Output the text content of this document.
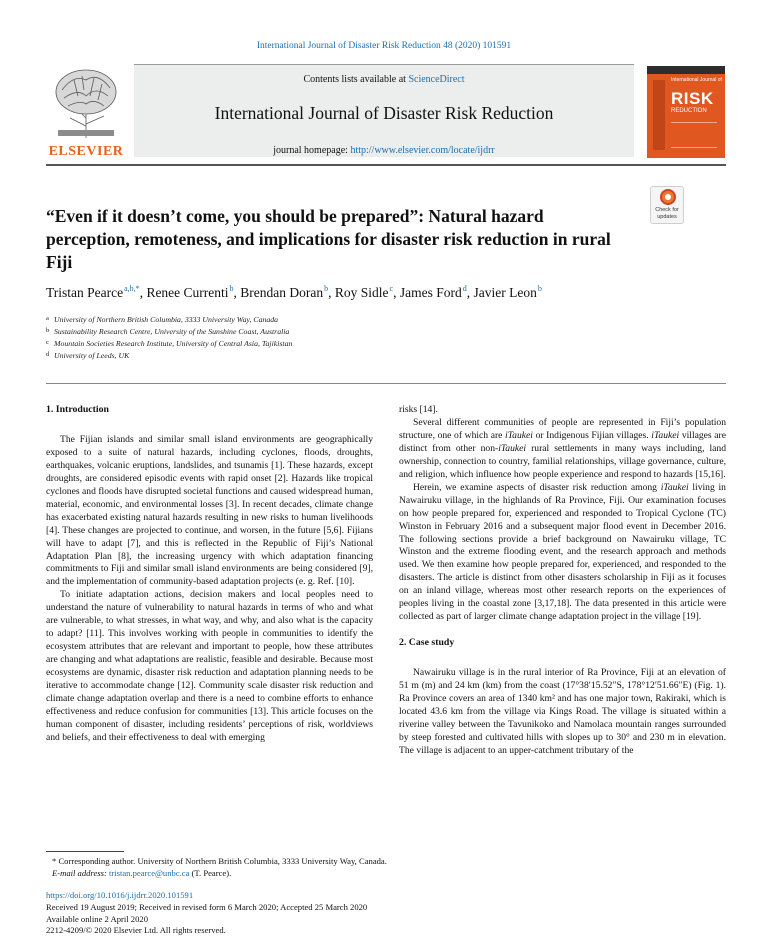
International Journal of Disaster Risk Reduction 48 (2020) 101591
ELSEVIER
Contents lists available at ScienceDirect
International Journal of Disaster Risk Reduction
journal homepage: http://www.elsevier.com/locate/ijdrr
International Journal of
RISK
REDUCTION
“Even if it doesn’t come, you should be prepared”: Natural hazard perception, remoteness, and implications for disaster risk reduction in rural Fiji
Check for
updates
Tristan Pearce$^{a,b,*}$, Renee Currenti$^b$, Brendan Doran$^b$, Roy Sidle$^c$, James Ford$^d$, Javier Leon$^b$
a University of Northern British Columbia, 3333 University Way, Canada
b Sustainability Research Centre, University of the Sunshine Coast, Australia
c Mountain Societies Research Institute, University of Central Asia, Tajikistan
d University of Leeds, UK
1. Introduction

The Fijian islands and similar small island environments are geographically exposed to a suite of natural hazards, including cyclones, floods, droughts, earthquakes, volcanic eruptions, landslides, and tsunamis [1]. These hazards, except droughts, are considered episodic events with rapid onset [2]. Hazards like tropical cyclones and floods have disrupted societal functions and caused widespread human, material, economic, and environmental losses [3]. In recent decades, climate change has exacerbated existing natural hazards resulting in new risks to human livelihoods [4]. These changes are projected to continue, and worsen, in the future [5,6]. Fijians will have to adapt [7], and this is reflected in the Republic of Fiji’s National Adaptation Plan [8], the increasing urgency with which adaptation financing commitments to Fiji and similar small island environments are being considered [9], and the implementation of community-based adaptation projects (e. g. Ref. [10].

To initiate adaptation actions, decision makers and local peoples need to understand the nature of vulnerability to natural hazards in terms of who and what are vulnerable, to what stresses, in what way, and why, and also what is the capacity to adapt? [11]. This involves working with people in communities to identify the ecosystem attributes that are relevant and important to people, how these attributes are changing and what adaptations are realistic, feasible and desirable. Because most ecosystems are dynamic, disaster risk reduction and adaptation planning needs to be iterative to accommodate change [12]. Community scale disaster risk reduction and climate change adaptation overlap and there is a need to combine efforts to enhance effectiveness and reduce confusion for communities [13]. This article focuses on the human component of disaster, including residents’ perceptions of risk, worldviews and beliefs, and their effectiveness to deal with emerging

risks [14].

Several different communities of people are represented in Fiji’s population structure, one of which are iTaukei or Indigenous Fijian villages. iTaukei villages are distinct from other non-iTaukei rural settlements in many ways including, land ownership, connection to country, familial relationships, village governance, culture, and religion, which influence how people experience and respond to hazards [15,16].

Herein, we examine aspects of disaster risk reduction among iTaukei living in Nawairuku village, in the highlands of Ra Province, Fiji. Our examination focuses on how people prepared for, experienced and responded to Tropical Cyclone (TC) Winston in February 2016 and a subsequent major flood event in December 2016. The following sections provide a brief background on Nawairuku village, TC Winston and the extreme flooding event, and the research approach and methods used. We then examine how people prepared for, experienced, and responded to the disasters. The article is distinct from other disasters scholarship in Fiji as it focuses on an inland village, whereas most other research reports on the experiences of peoples living in the coastal zone [3,17,18]. The data presented in this article were collected as part of larger climate change adaptation project in the village [19].

2. Case study

Nawairuku village is in the rural interior of Ra Province, Fiji at an elevation of 51 m (m) and 24 km (km) from the coast (17°38′15.52″S, 178°12′51.66″E) (Fig. 1). Ra Province covers an area of 1340 km² and has one major town, Rakiraki, which is located 43.6 km from the village via Kings Road. The village is situated within a riverine valley between the Tavunikoko and Namolaca mountain ranges surrounded by steep forested and cultivated hills with slopes up to 30° and 230 m in elevation. The village is adjacent to an upper-catchment tributary of the

* Corresponding author. University of Northern British Columbia, 3333 University Way, Canada.
E-mail address: tristan.pearce@unbc.ca (T. Pearce).
https://doi.org/10.1016/j.ijdrr.2020.101591
Received 19 August 2019; Received in revised form 6 March 2020; Accepted 25 March 2020
Available online 2 April 2020
2212-4209/© 2020 Elsevier Ltd. All rights reserved.
